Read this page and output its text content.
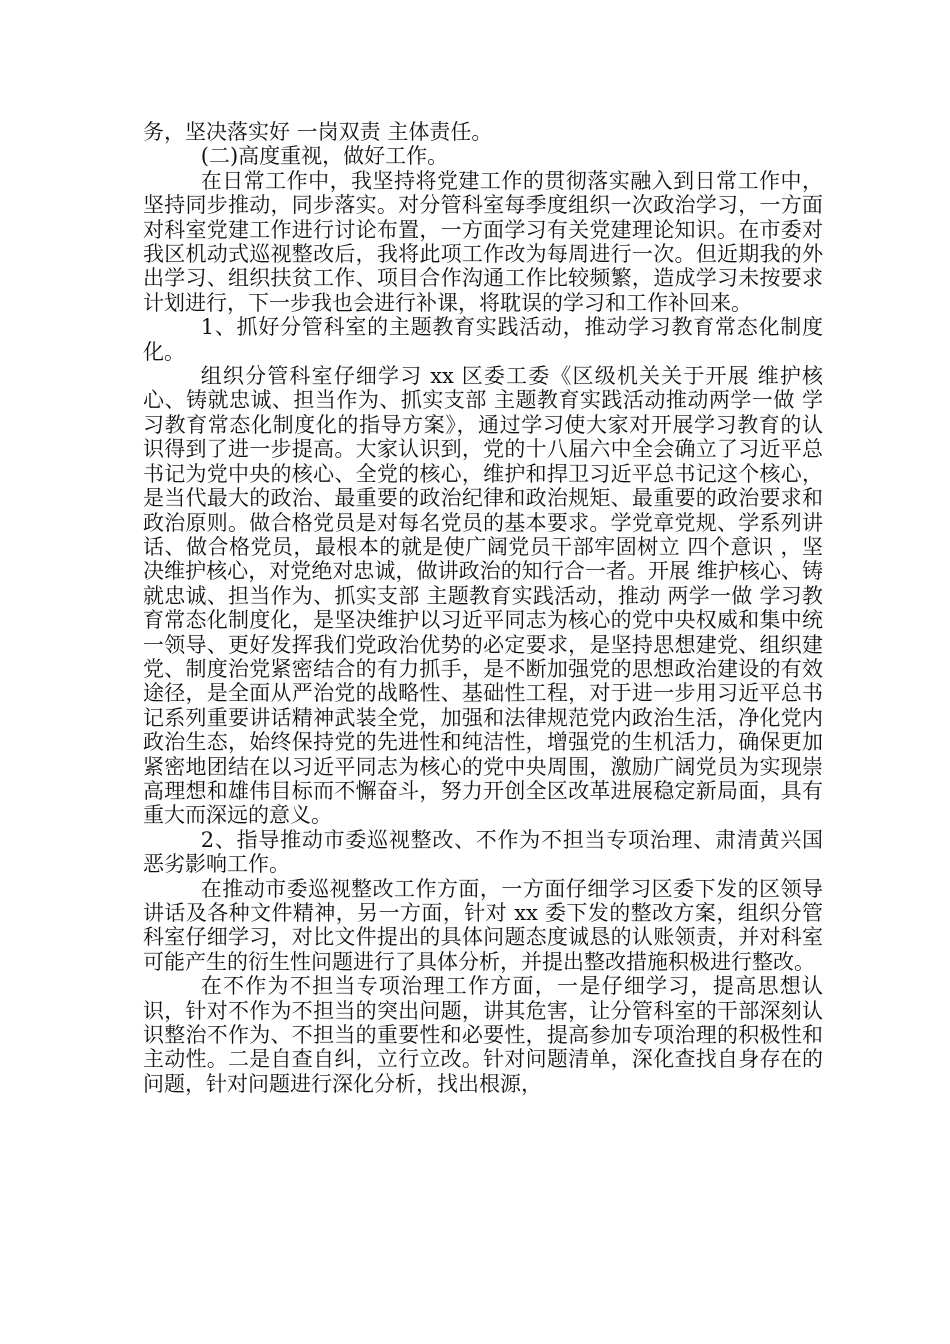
务，坚决落实好 一岗双责 主体责任。

(二)高度重视，做好工作。

在日常工作中，我坚持将党建工作的贯彻落实融入到日常工作中，坚持同步推动，同步落实。对分管科室每季度组织一次政治学习，一方面对科室党建工作进行讨论布置，一方面学习有关党建理论知识。在市委对我区机动式巡视整改后，我将此项工作改为每周进行一次。但近期我的外出学习、组织扶贫工作、项目合作沟通工作比较频繁，造成学习未按要求计划进行，下一步我也会进行补课，将耽误的学习和工作补回来。

1、抓好分管科室的主题教育实践活动，推动学习教育常态化制度化。

组织分管科室仔细学习 xx 区委工委《区级机关关于开展 维护核心、铸就忠诚、担当作为、抓实支部 主题教育实践活动推动两学一做 学习教育常态化制度化的指导方案》，通过学习使大家对开展学习教育的认识得到了进一步提高。大家认识到，党的十八届六中全会确立了习近平总书记为党中央的核心、全党的核心，维护和捍卫习近平总书记这个核心，是当代最大的政治、最重要的政治纪律和政治规矩、最重要的政治要求和政治原则。做合格党员是对每名党员的基本要求。学党章党规、学系列讲话、做合格党员，最根本的就是使广阔党员干部牢固树立 四个意识 ，坚决维护核心，对党绝对忠诚，做讲政治的知行合一者。开展 维护核心、铸就忠诚、担当作为、抓实支部 主题教育实践活动，推动 两学一做 学习教育常态化制度化，是坚决维护以习近平同志为核心的党中央权威和集中统一领导、更好发挥我们党政治优势的必定要求，是坚持思想建党、组织建党、制度治党紧密结合的有力抓手，是不断加强党的思想政治建设的有效途径，是全面从严治党的战略性、基础性工程，对于进一步用习近平总书记系列重要讲话精神武装全党，加强和法律规范党内政治生活，净化党内政治生态，始终保持党的先进性和纯洁性，增强党的生机活力，确保更加紧密地团结在以习近平同志为核心的党中央周围，激励广阔党员为实现崇高理想和雄伟目标而不懈奋斗，努力开创全区改革进展稳定新局面，具有重大而深远的意义。

2、指导推动市委巡视整改、不作为不担当专项治理、肃清黄兴国恶劣影响工作。

在推动市委巡视整改工作方面，一方面仔细学习区委下发的区领导讲话及各种文件精神，另一方面，针对 xx 委下发的整改方案，组织分管科室仔细学习，对比文件提出的具体问题态度诚恳的认账领责，并对科室可能产生的衍生性问题进行了具体分析，并提出整改措施积极进行整改。

在不作为不担当专项治理工作方面，一是仔细学习，提高思想认识，针对不作为不担当的突出问题，讲其危害，让分管科室的干部深刻认识整治不作为、不担当的重要性和必要性，提高参加专项治理的积极性和主动性。二是自查自纠，立行立改。针对问题清单，深化查找自身存在的问题，针对问题进行深化分析，找出根源，
